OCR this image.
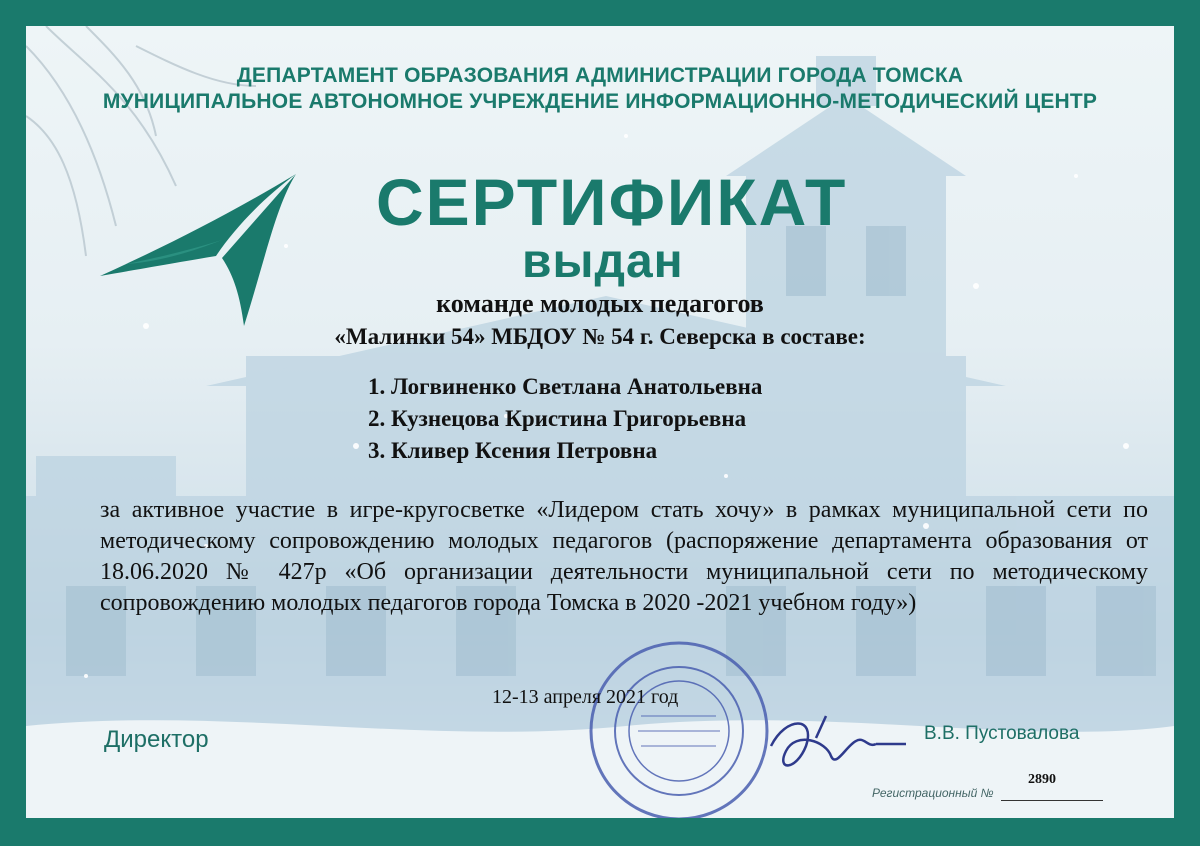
ДЕПАРТАМЕНТ ОБРАЗОВАНИЯ АДМИНИСТРАЦИИ ГОРОДА ТОМСКА
МУНИЦИПАЛЬНОЕ АВТОНОМНОЕ УЧРЕЖДЕНИЕ ИНФОРМАЦИОННО-МЕТОДИЧЕСКИЙ ЦЕНТР
СЕРТИФИКАТ
выдан
команде молодых педагогов
«Малинки 54» МБДОУ № 54 г. Северска в составе:
1. Логвиненко Светлана Анатольевна
2. Кузнецова Кристина Григорьевна
3. Кливер Ксения Петровна
за активное участие в игре-кругосветке «Лидером стать хочу» в рамках муниципальной сети по методическому сопровождению молодых педагогов (распоряжение департамента образования от 18.06.2020 № 427р «Об организации деятельности муниципальной сети по методическому сопровождению молодых педагогов города Томска в 2020 -2021 учебном году»)
12-13 апреля 2021 год
Директор	В.В. Пустовалова
Регистрационный №
2890
